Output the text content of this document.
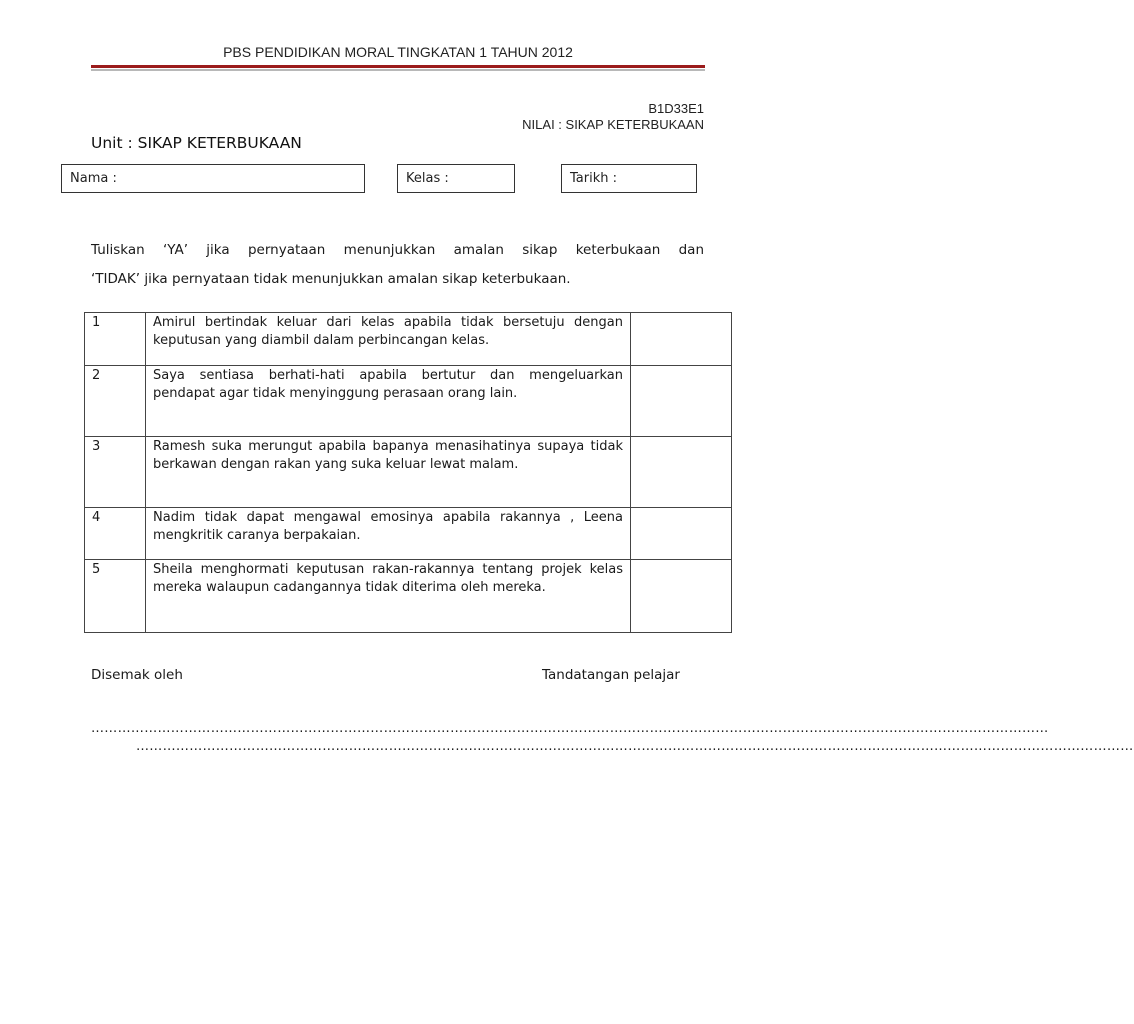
PBS PENDIDIKAN MORAL TINGKATAN 1 TAHUN 2012
B1D33E1
NILAI : SIKAP KETERBUKAAN
Unit : SIKAP KETERBUKAAN
Nama :	Kelas :	Tarikh :
Tuliskan ‘YA’ jika pernyataan menunjukkan amalan sikap keterbukaan dan
‘TIDAK’ jika pernyataan tidak menunjukkan amalan sikap keterbukaan.
1	Amirul bertindak keluar dari kelas apabila tidak bersetuju dengan keputusan yang diambil dalam perbincangan kelas.	
2	Saya sentiasa berhati-hati apabila bertutur dan mengeluarkan pendapat agar tidak menyinggung perasaan orang lain.	
3	Ramesh suka merungut apabila bapanya menasihatinya supaya tidak berkawan dengan rakan yang suka keluar lewat malam.	
4	Nadim tidak dapat mengawal emosinya apabila rakannya , Leena mengkritik caranya berpakaian.	
5	Sheila menghormati keputusan rakan-rakannya tentang projek kelas mereka walaupun cadangannya tidak diterima oleh mereka.	
Disemak oleh	Tandatangan pelajar
………………………………………………………………………………………………………………………………………………………………………………………………
………………………………………………………………………………………………………………………………………………………………………………………………………
